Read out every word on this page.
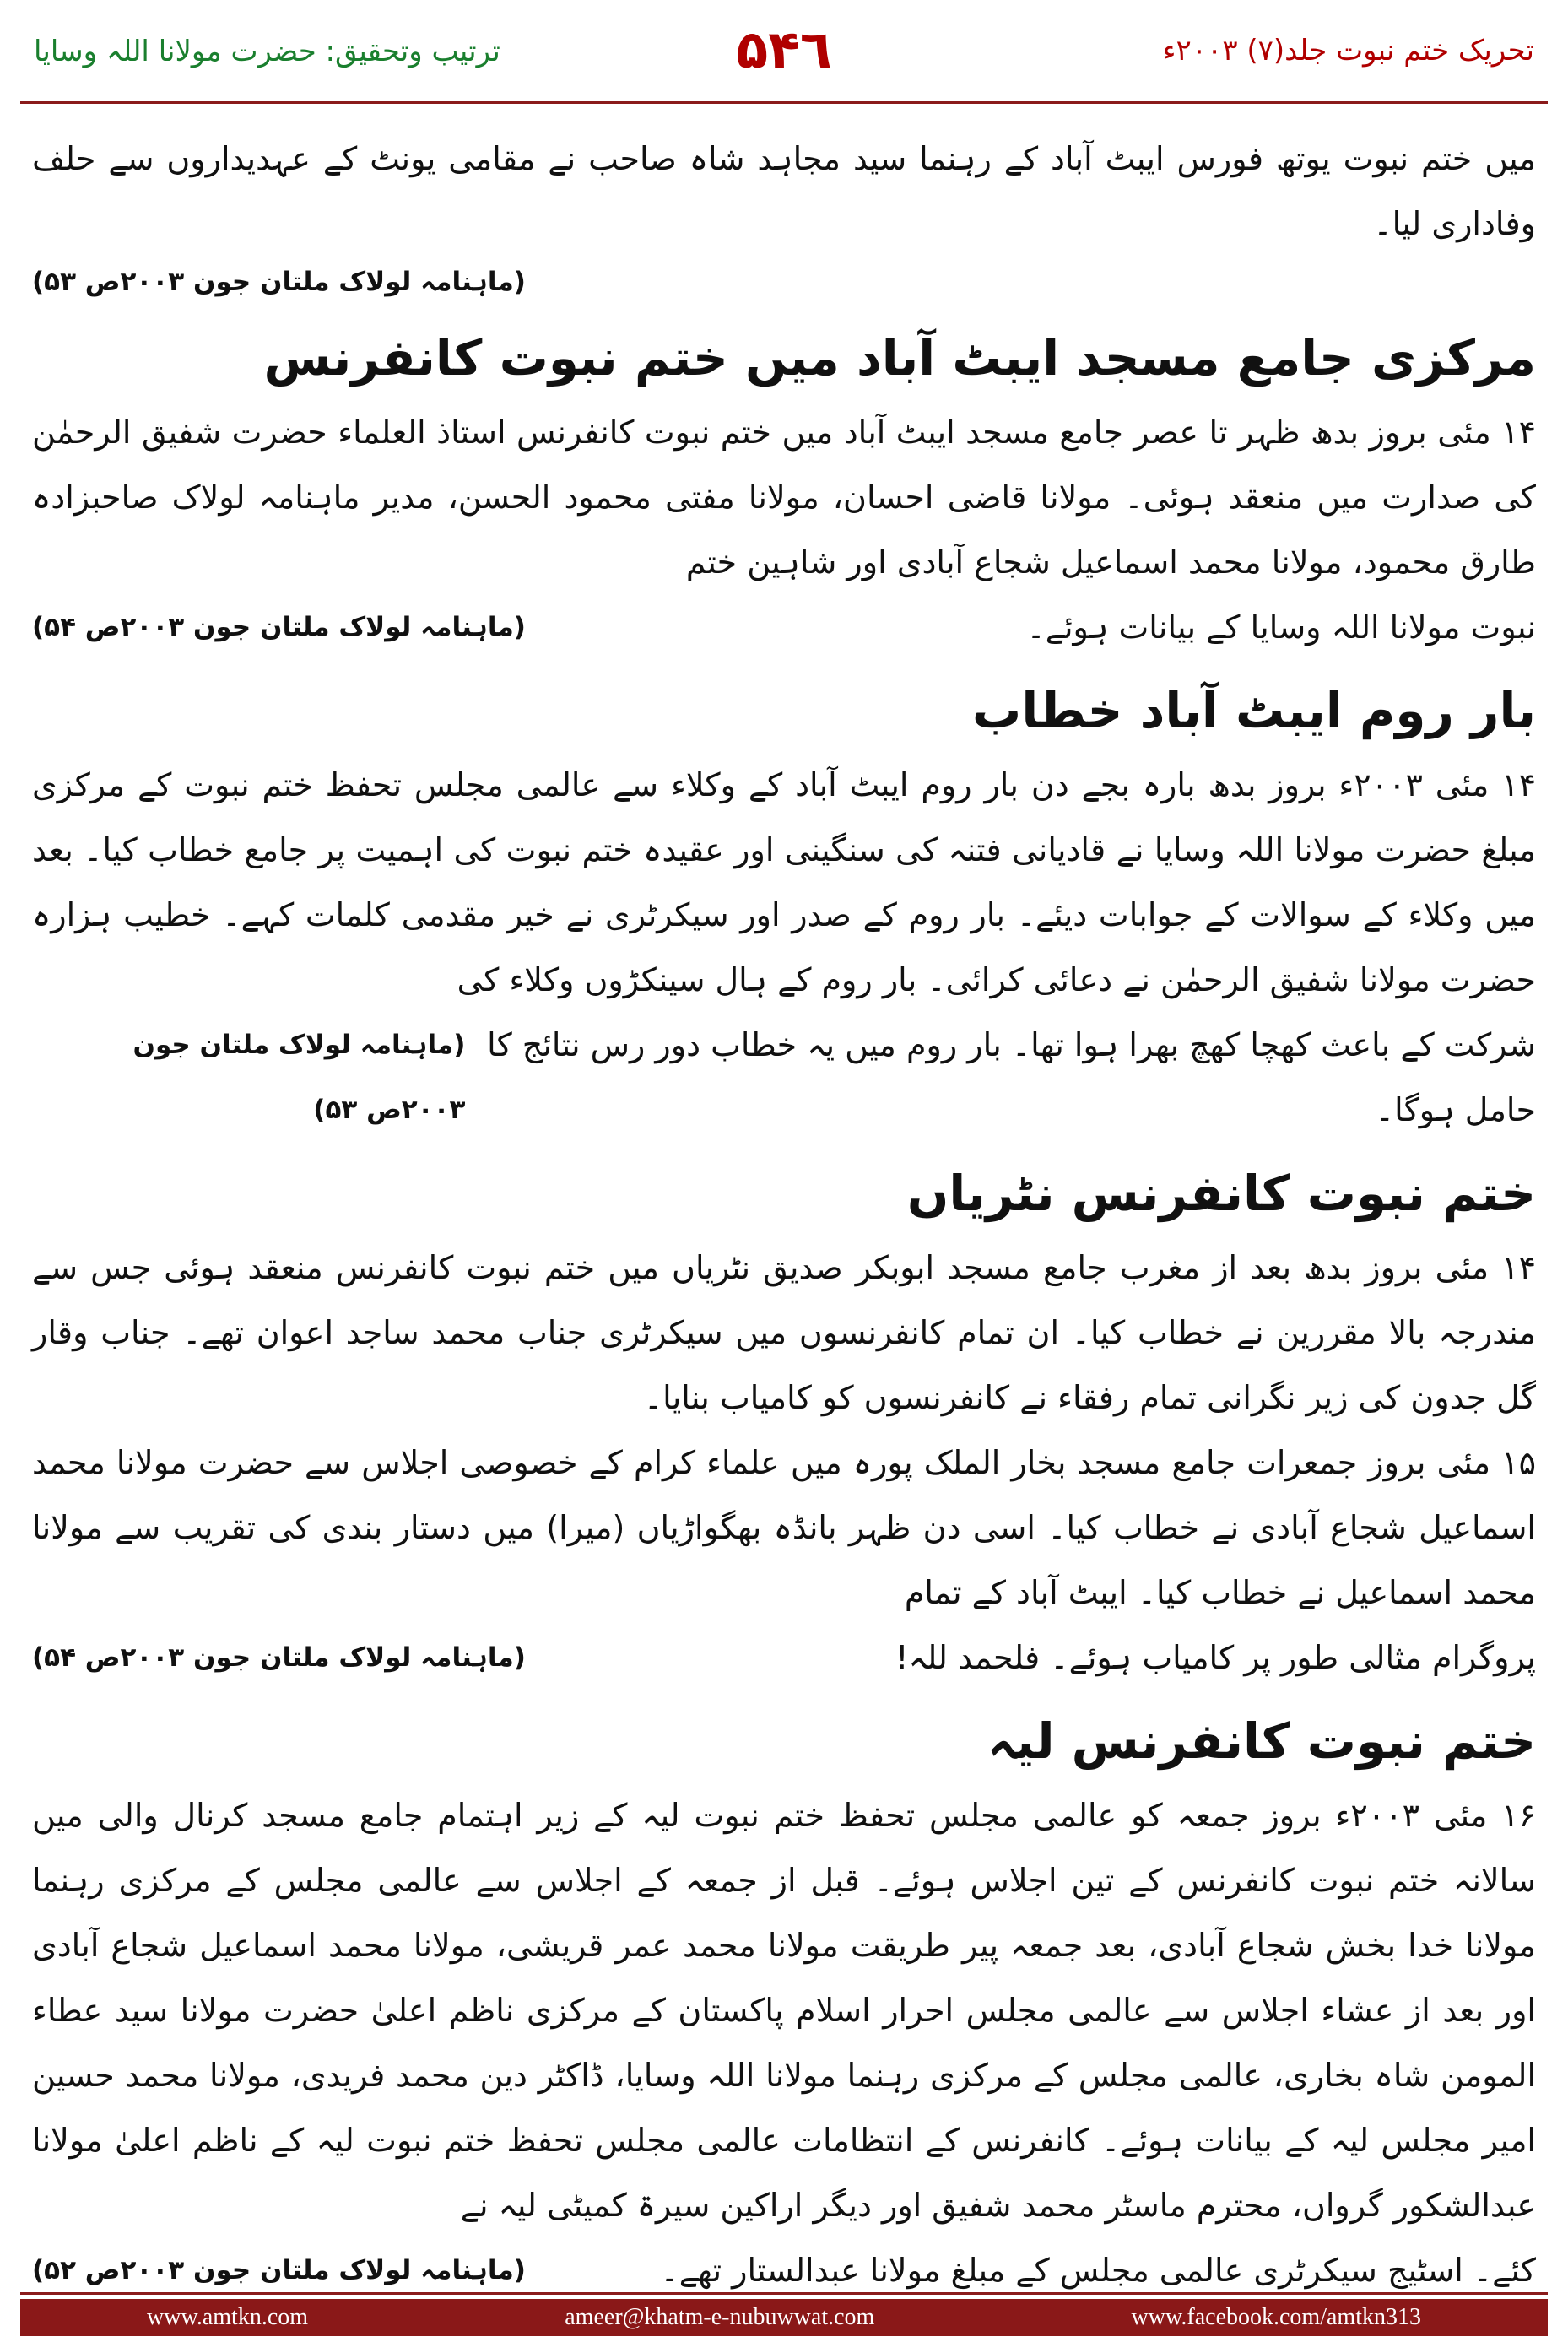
ترتیب وتحقیق: حضرت مولانا اللہ وسایا	۵۴٦	تحریک ختم نبوت جلد(۷) ۲۰۰۳ء

میں ختم نبوت یوتھ فورس ایبٹ آباد کے رہنما سید مجاہد شاہ صاحب نے مقامی یونٹ کے عہدیداروں سے حلف وفاداری لیا۔

(ماہنامہ لولاک ملتان جون ۲۰۰۳ص ۵۳)
مرکزی جامع مسجد ایبٹ آباد میں ختم نبوت کانفرنس

۱۴ مئی بروز بدھ ظہر تا عصر جامع مسجد ایبٹ آباد میں ختم نبوت کانفرنس استاذ العلماء حضرت شفیق الرحمٰن کی صدارت میں منعقد ہوئی۔ مولانا قاضی احسان، مولانا مفتی محمود الحسن، مدیر ماہنامہ لولاک صاحبزادہ طارق محمود، مولانا محمد اسماعیل شجاع آبادی اور شاہین ختم

نبوت مولانا اللہ وسایا کے بیانات ہوئے۔
(ماہنامہ لولاک ملتان جون ۲۰۰۳ص ۵۴)
بار روم ایبٹ آباد خطاب

۱۴ مئی ۲۰۰۳ء بروز بدھ بارہ بجے دن بار روم ایبٹ آباد کے وکلاء سے عالمی مجلس تحفظ ختم نبوت کے مرکزی مبلغ حضرت مولانا اللہ وسایا نے قادیانی فتنہ کی سنگینی اور عقیدہ ختم نبوت کی اہمیت پر جامع خطاب کیا۔ بعد میں وکلاء کے سوالات کے جوابات دیئے۔ بار روم کے صدر اور سیکرٹری نے خیر مقدمی کلمات کہے۔ خطیب ہزارہ حضرت مولانا شفیق الرحمٰن نے دعائی کرائی۔ بار روم کے ہال سینکڑوں وکلاء کی

شرکت کے باعث کھچا کھچ بھرا ہوا تھا۔ بار روم میں یہ خطاب دور رس نتائج کا حامل ہوگا۔
(ماہنامہ لولاک ملتان جون ۲۰۰۳ص ۵۳)
ختم نبوت کانفرنس نٹریاں

۱۴ مئی بروز بدھ بعد از مغرب جامع مسجد ابوبکر صدیق نٹریاں میں ختم نبوت کانفرنس منعقد ہوئی جس سے مندرجہ بالا مقررین نے خطاب کیا۔ ان تمام کانفرنسوں میں سیکرٹری جناب محمد ساجد اعوان تھے۔ جناب وقار گل جدون کی زیر نگرانی تمام رفقاء نے کانفرنسوں کو کامیاب بنایا۔

۱۵ مئی بروز جمعرات جامع مسجد بخار الملک پورہ میں علماء کرام کے خصوصی اجلاس سے حضرت مولانا محمد اسماعیل شجاع آبادی نے خطاب کیا۔ اسی دن ظہر بانڈہ بھگواڑیاں (میرا) میں دستار بندی کی تقریب سے مولانا محمد اسماعیل نے خطاب کیا۔ ایبٹ آباد کے تمام

پروگرام مثالی طور پر کامیاب ہوئے۔ فلحمد للہ!
(ماہنامہ لولاک ملتان جون ۲۰۰۳ص ۵۴)
ختم نبوت کانفرنس لیہ

۱۶ مئی ۲۰۰۳ء بروز جمعہ کو عالمی مجلس تحفظ ختم نبوت لیہ کے زیر اہتمام جامع مسجد کرنال والی میں سالانہ ختم نبوت کانفرنس کے تین اجلاس ہوئے۔ قبل از جمعہ کے اجلاس سے عالمی مجلس کے مرکزی رہنما مولانا خدا بخش شجاع آبادی، بعد جمعہ پیر طریقت مولانا محمد عمر قریشی، مولانا محمد اسماعیل شجاع آبادی اور بعد از عشاء اجلاس سے عالمی مجلس احرار اسلام پاکستان کے مرکزی ناظم اعلیٰ حضرت مولانا سید عطاء المومن شاہ بخاری، عالمی مجلس کے مرکزی رہنما مولانا اللہ وسایا، ڈاکٹر دین محمد فریدی، مولانا محمد حسین امیر مجلس لیہ کے بیانات ہوئے۔ کانفرنس کے انتظامات عالمی مجلس تحفظ ختم نبوت لیہ کے ناظم اعلیٰ مولانا عبدالشکور گرواں، محترم ماسٹر محمد شفیق اور دیگر اراکین سیرۃ کمیٹی لیہ نے

کئے۔ اسٹیج سیکرٹری عالمی مجلس کے مبلغ مولانا عبدالستار تھے۔
(ماہنامہ لولاک ملتان جون ۲۰۰۳ص ۵۲)
www.amtkn.com	ameer@khatm-e-nubuwwat.com	www.facebook.com/amtkn313
